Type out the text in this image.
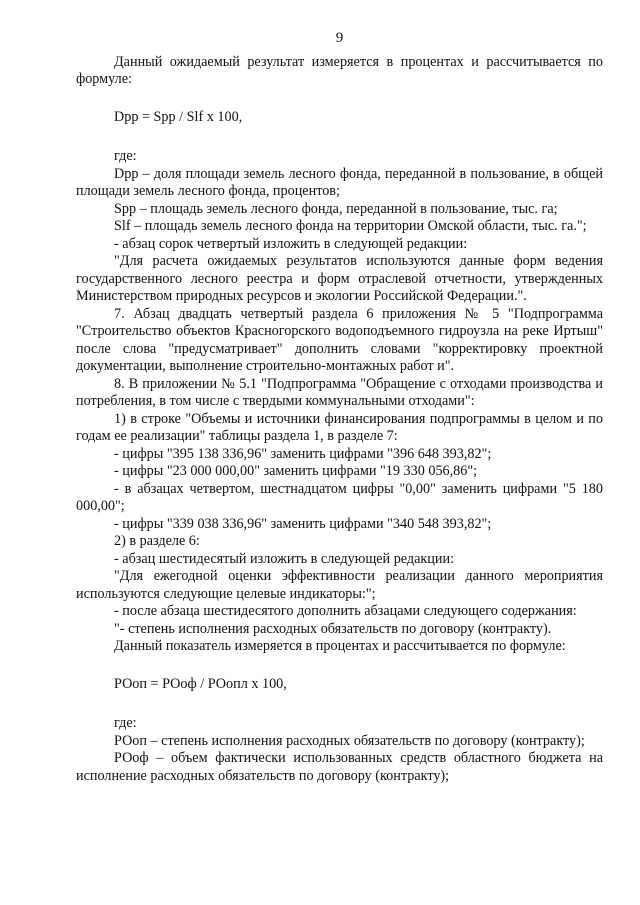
9

Данный ожидаемый результат измеряется в процентах и рассчитывается по формуле:

Dpp = Spp / Slf х 100,

где:

Dpp – доля площади земель лесного фонда, переданной в пользование, в общей площади земель лесного фонда, процентов;

Spp – площадь земель лесного фонда, переданной в пользование, тыс. га;

Slf – площадь земель лесного фонда на территории Омской области, тыс. га.";

- абзац сорок четвертый изложить в следующей редакции:

"Для расчета ожидаемых результатов используются данные форм ведения государственного лесного реестра и форм отраслевой отчетности, утвержденных Министерством природных ресурсов и экологии Российской Федерации.".

7. Абзац двадцать четвертый раздела 6 приложения № 5 "Подпрограмма "Строительство объектов Красногорского водоподъемного гидроузла на реке Иртыш" после слова "предусматривает" дополнить словами "корректировку проектной документации, выполнение строительно-монтажных работ и".

8. В приложении № 5.1 "Подпрограмма "Обращение с отходами производства и потребления, в том числе с твердыми коммунальными отходами":

1) в строке "Объемы и источники финансирования подпрограммы в целом и по годам ее реализации" таблицы раздела 1, в разделе 7:

- цифры "395 138 336,96" заменить цифрами "396 648 393,82";

- цифры "23 000 000,00" заменить цифрами "19 330 056,86";

- в абзацах четвертом, шестнадцатом цифры "0,00" заменить цифрами "5 180 000,00";

- цифры "339 038 336,96" заменить цифрами "340 548 393,82";

2) в разделе 6:

- абзац шестидесятый изложить в следующей редакции:

"Для ежегодной оценки эффективности реализации данного мероприятия используются следующие целевые индикаторы:";

- после абзаца шестидесятого дополнить абзацами следующего содержания:

"- степень исполнения расходных обязательств по договору (контракту).

Данный показатель измеряется в процентах и рассчитывается по формуле:

РОоп = РОоф / РОопл х 100,

где:

РОоп – степень исполнения расходных обязательств по договору (контракту);

РОоф – объем фактически использованных средств областного бюджета на исполнение расходных обязательств по договору (контракту);
